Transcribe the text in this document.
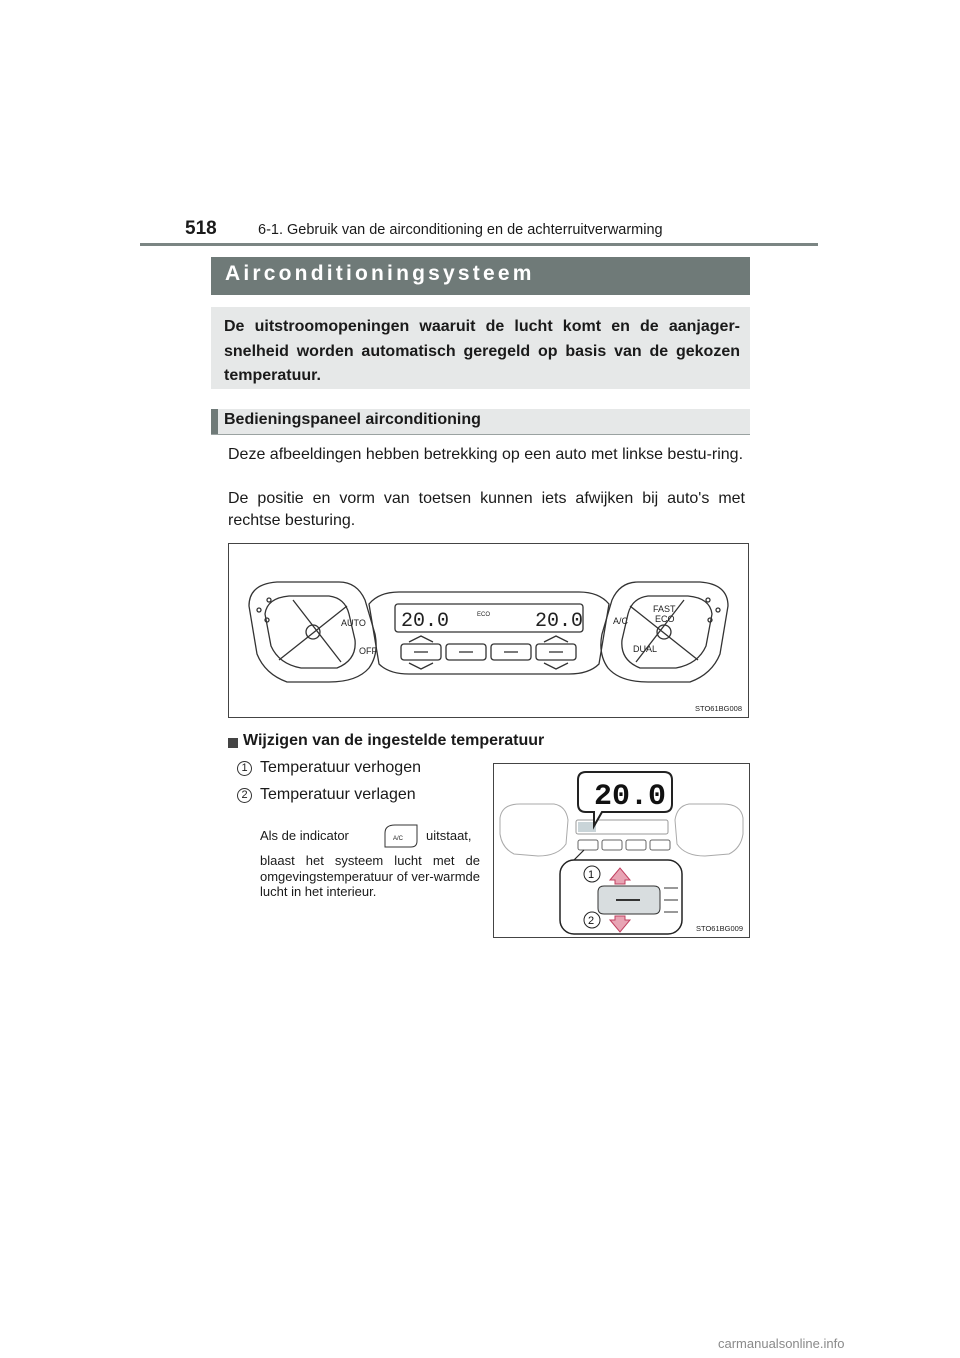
518	6-1. Gebruik van de airconditioning en de achterruitverwarming
Airconditioningsysteem
De uitstroomopeningen waaruit de lucht komt en de aanjager-snelheid worden automatisch geregeld op basis van de gekozen temperatuur.
Bedieningspaneel airconditioning
Deze afbeeldingen hebben betrekking op een auto met linkse bestu-ring.
De positie en vorm van toetsen kunnen iets afwijken bij auto's met rechtse besturing.
20.0	20.0
ECO
AUTO
OFF
A/C
FAST
ECO
DUAL
STO61BG008
Wijzigen van de ingestelde temperatuur
1 Temperatuur verhogen
2 Temperatuur verlagen
Als de indicator	A/C uitstaat,
blaast het systeem lucht met de omgevingstemperatuur of ver-warmde lucht in het interieur.
20.0
1
2
STO61BG009
carmanualsonline.info
